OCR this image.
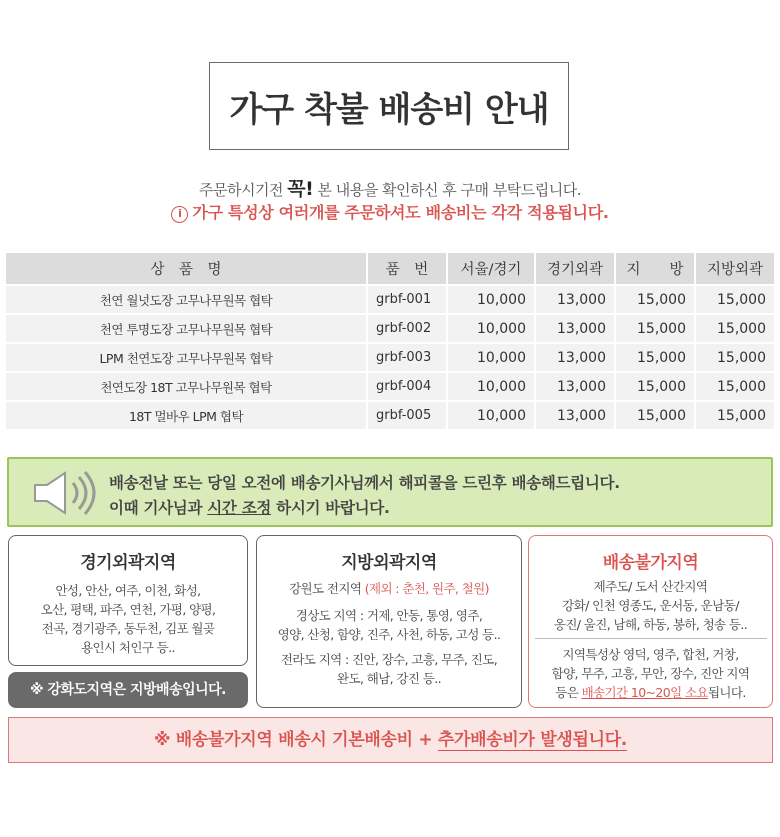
가구 착불 배송비 안내
주문하시기전 꼭! 본 내용을 확인하신 후 구매 부탁드립니다.
i 가구 특성상 여러개를 주문하셔도 배송비는 각각 적용됩니다.
상　품　명	품　번	서울/경기	경기외곽	지　　방	지방외곽
천연 월넛도장 고무나무원목 협탁	grbf-001	10,000	13,000	15,000	15,000
천연 투명도장 고무나무원목 협탁	grbf-002	10,000	13,000	15,000	15,000
LPM 천연도장 고무나무원목 협탁	grbf-003	10,000	13,000	15,000	15,000
천연도장 18T 고무나무원목 협탁	grbf-004	10,000	13,000	15,000	15,000
18T 멀바우 LPM 협탁	grbf-005	10,000	13,000	15,000	15,000
배송전날 또는 당일 오전에 배송기사님께서 해피콜을 드린후 배송해드립니다.
이때 기사님과 시간 조정 하시기 바랍니다.
경기외곽지역
안성, 안산, 여주, 이천, 화성,
오산, 평택, 파주, 연천, 가평, 양평,
전곡, 경기광주, 동두천, 김포 월곶
용인시 처인구 등..
※ 강화도지역은 지방배송입니다.
지방외곽지역
강원도 전지역 (제외 : 춘천, 원주, 철원)
경상도 지역 : 거제, 안동, 통영, 영주,
영양, 산청, 함양, 진주, 사천, 하동, 고성 등..
전라도 지역 : 진안, 장수, 고흥, 무주, 진도,
완도, 해남, 강진 등..
배송불가지역
제주도/ 도서 산간지역
강화/ 인천 영종도, 운서동, 운남동/
옹진/ 울진, 남해, 하동, 봉하, 청송 등..
지역특성상 영덕, 영주, 합천, 거창,
함양, 무주, 고흥, 무안, 장수, 진안 지역
등은 배송기간 10~20일 소요됩니다.
※ 배송불가지역 배송시 기본배송비 + 추가배송비가 발생됩니다.
